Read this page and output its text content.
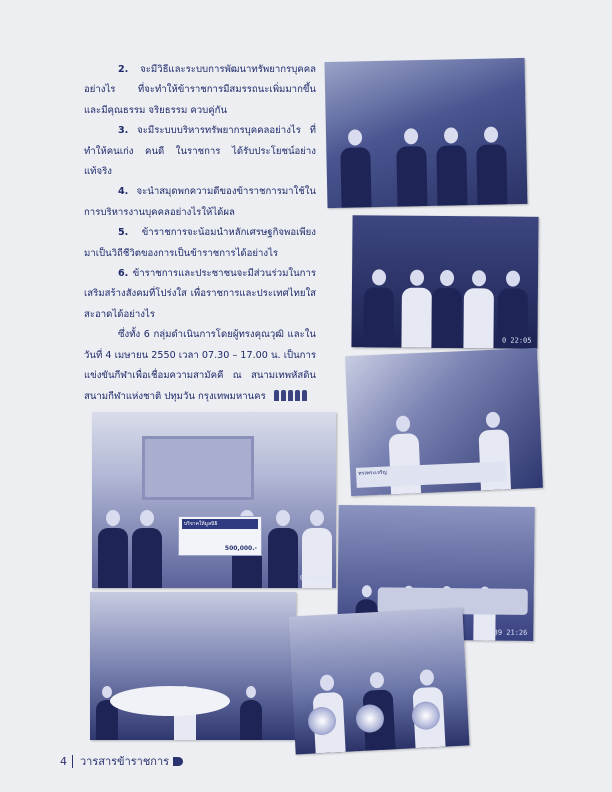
2. จะมีวิธีและระบบการพัฒนาทรัพยากรบุคคลอย่างไร ที่จะทำให้ข้าราชการมีสมรรถนะเพิ่มมากขึ้น และมีคุณธรรม จริยธรรม ควบคู่กัน

3. จะมีระบบบริหารทรัพยากรบุคคลอย่างไร ที่ทำให้คนเก่ง คนดี ในราชการ ได้รับประโยชน์อย่างแท้จริง

4. จะนำสมุดพกความดีของข้าราชการมาใช้ในการบริหารงานบุคคลอย่างไรให้ได้ผล

5. ข้าราชการจะน้อมนำหลักเศรษฐกิจพอเพียงมาเป็นวิถีชีวิตของการเป็นข้าราชการได้อย่างไร

6. ข้าราชการและประชาชนจะมีส่วนร่วมในการเสริมสร้างสังคมที่โปร่งใส เพื่อราชการและประเทศไทยใสสะอาดได้อย่างไร

ซึ่งทั้ง 6 กลุ่มดำเนินการโดยผู้ทรงคุณวุฒิ และในวันที่ 4 เมษายน 2550 เวลา 07.30 – 17.00 น. เป็นการแข่งขันกีฬาเพื่อเชื่อมความสามัคคี ณ สนามเทพหัสดิน สนามกีฬาแห่งชาติ ปทุมวัน กรุงเทพมหานคร

0 22:05
ทรงพระเจริญ
บริจาคให้มูลนิธิ
500,000.-
00 แหงน
39 21:26
4 วารสารข้าราชการ
